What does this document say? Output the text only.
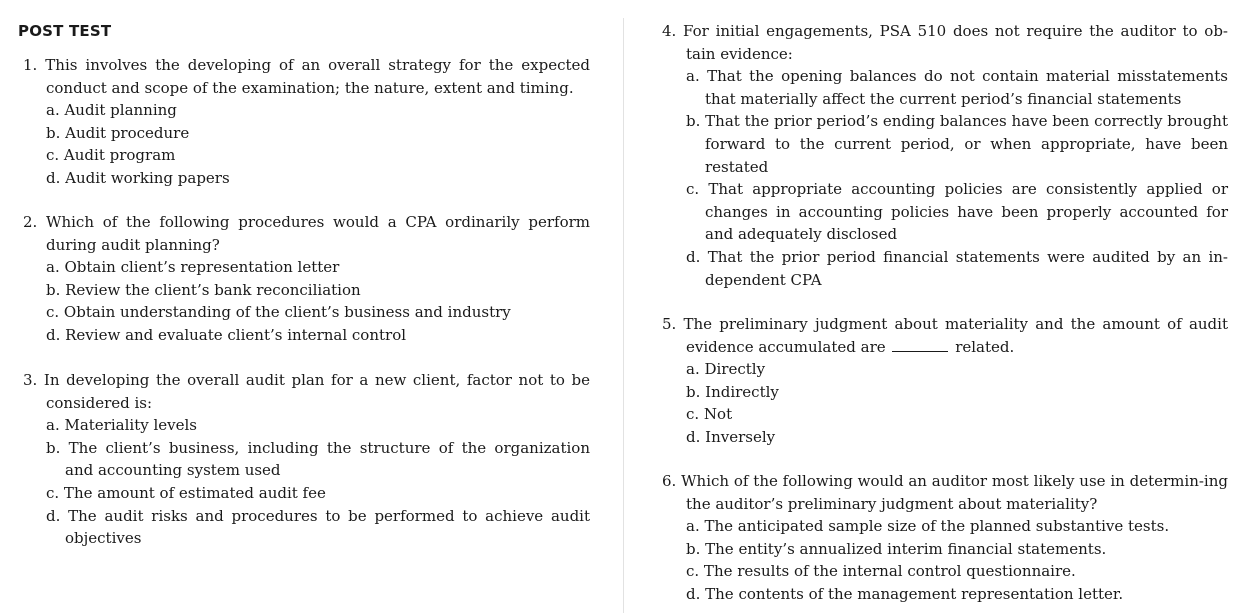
POST TEST
1. This involves the developing of an overall strategy for the expected conduct and scope of the examination; the nature, extent and timing.
a. Audit planning
b. Audit procedure
c. Audit program
d. Audit working papers
2. Which of the following procedures would a CPA ordinarily perform during audit planning?
a. Obtain client’s representation letter
b. Review the client’s bank reconciliation
c. Obtain understanding of the client’s business and industry
d. Review and evaluate client’s internal control
3. In developing the overall audit plan for a new client, factor not to be considered is:
a. Materiality levels
b. The client’s business, including the structure of the organization and accounting system used
c. The amount of estimated audit fee
d. The audit risks and procedures to be performed to achieve audit objectives
4. For initial engagements, PSA 510 does not require the auditor to ob-tain evidence:
a. That the opening balances do not contain material misstatements that materially affect the current period’s financial statements
b. That the prior period’s ending balances have been correctly brought forward to the current period, or when appropriate, have been restated
c. That appropriate accounting policies are consistently applied or changes in accounting policies have been properly accounted for and adequately disclosed
d. That the prior period financial statements were audited by an in-dependent CPA
5. The preliminary judgment about materiality and the amount of audit evidence accumulated are	related.
a. Directly
b. Indirectly
c. Not
d. Inversely
6. Which of the following would an auditor most likely use in determin-ing the auditor’s preliminary judgment about materiality?
a. The anticipated sample size of the planned substantive tests.
b. The entity’s annualized interim financial statements.
c. The results of the internal control questionnaire.
d. The contents of the management representation letter.
